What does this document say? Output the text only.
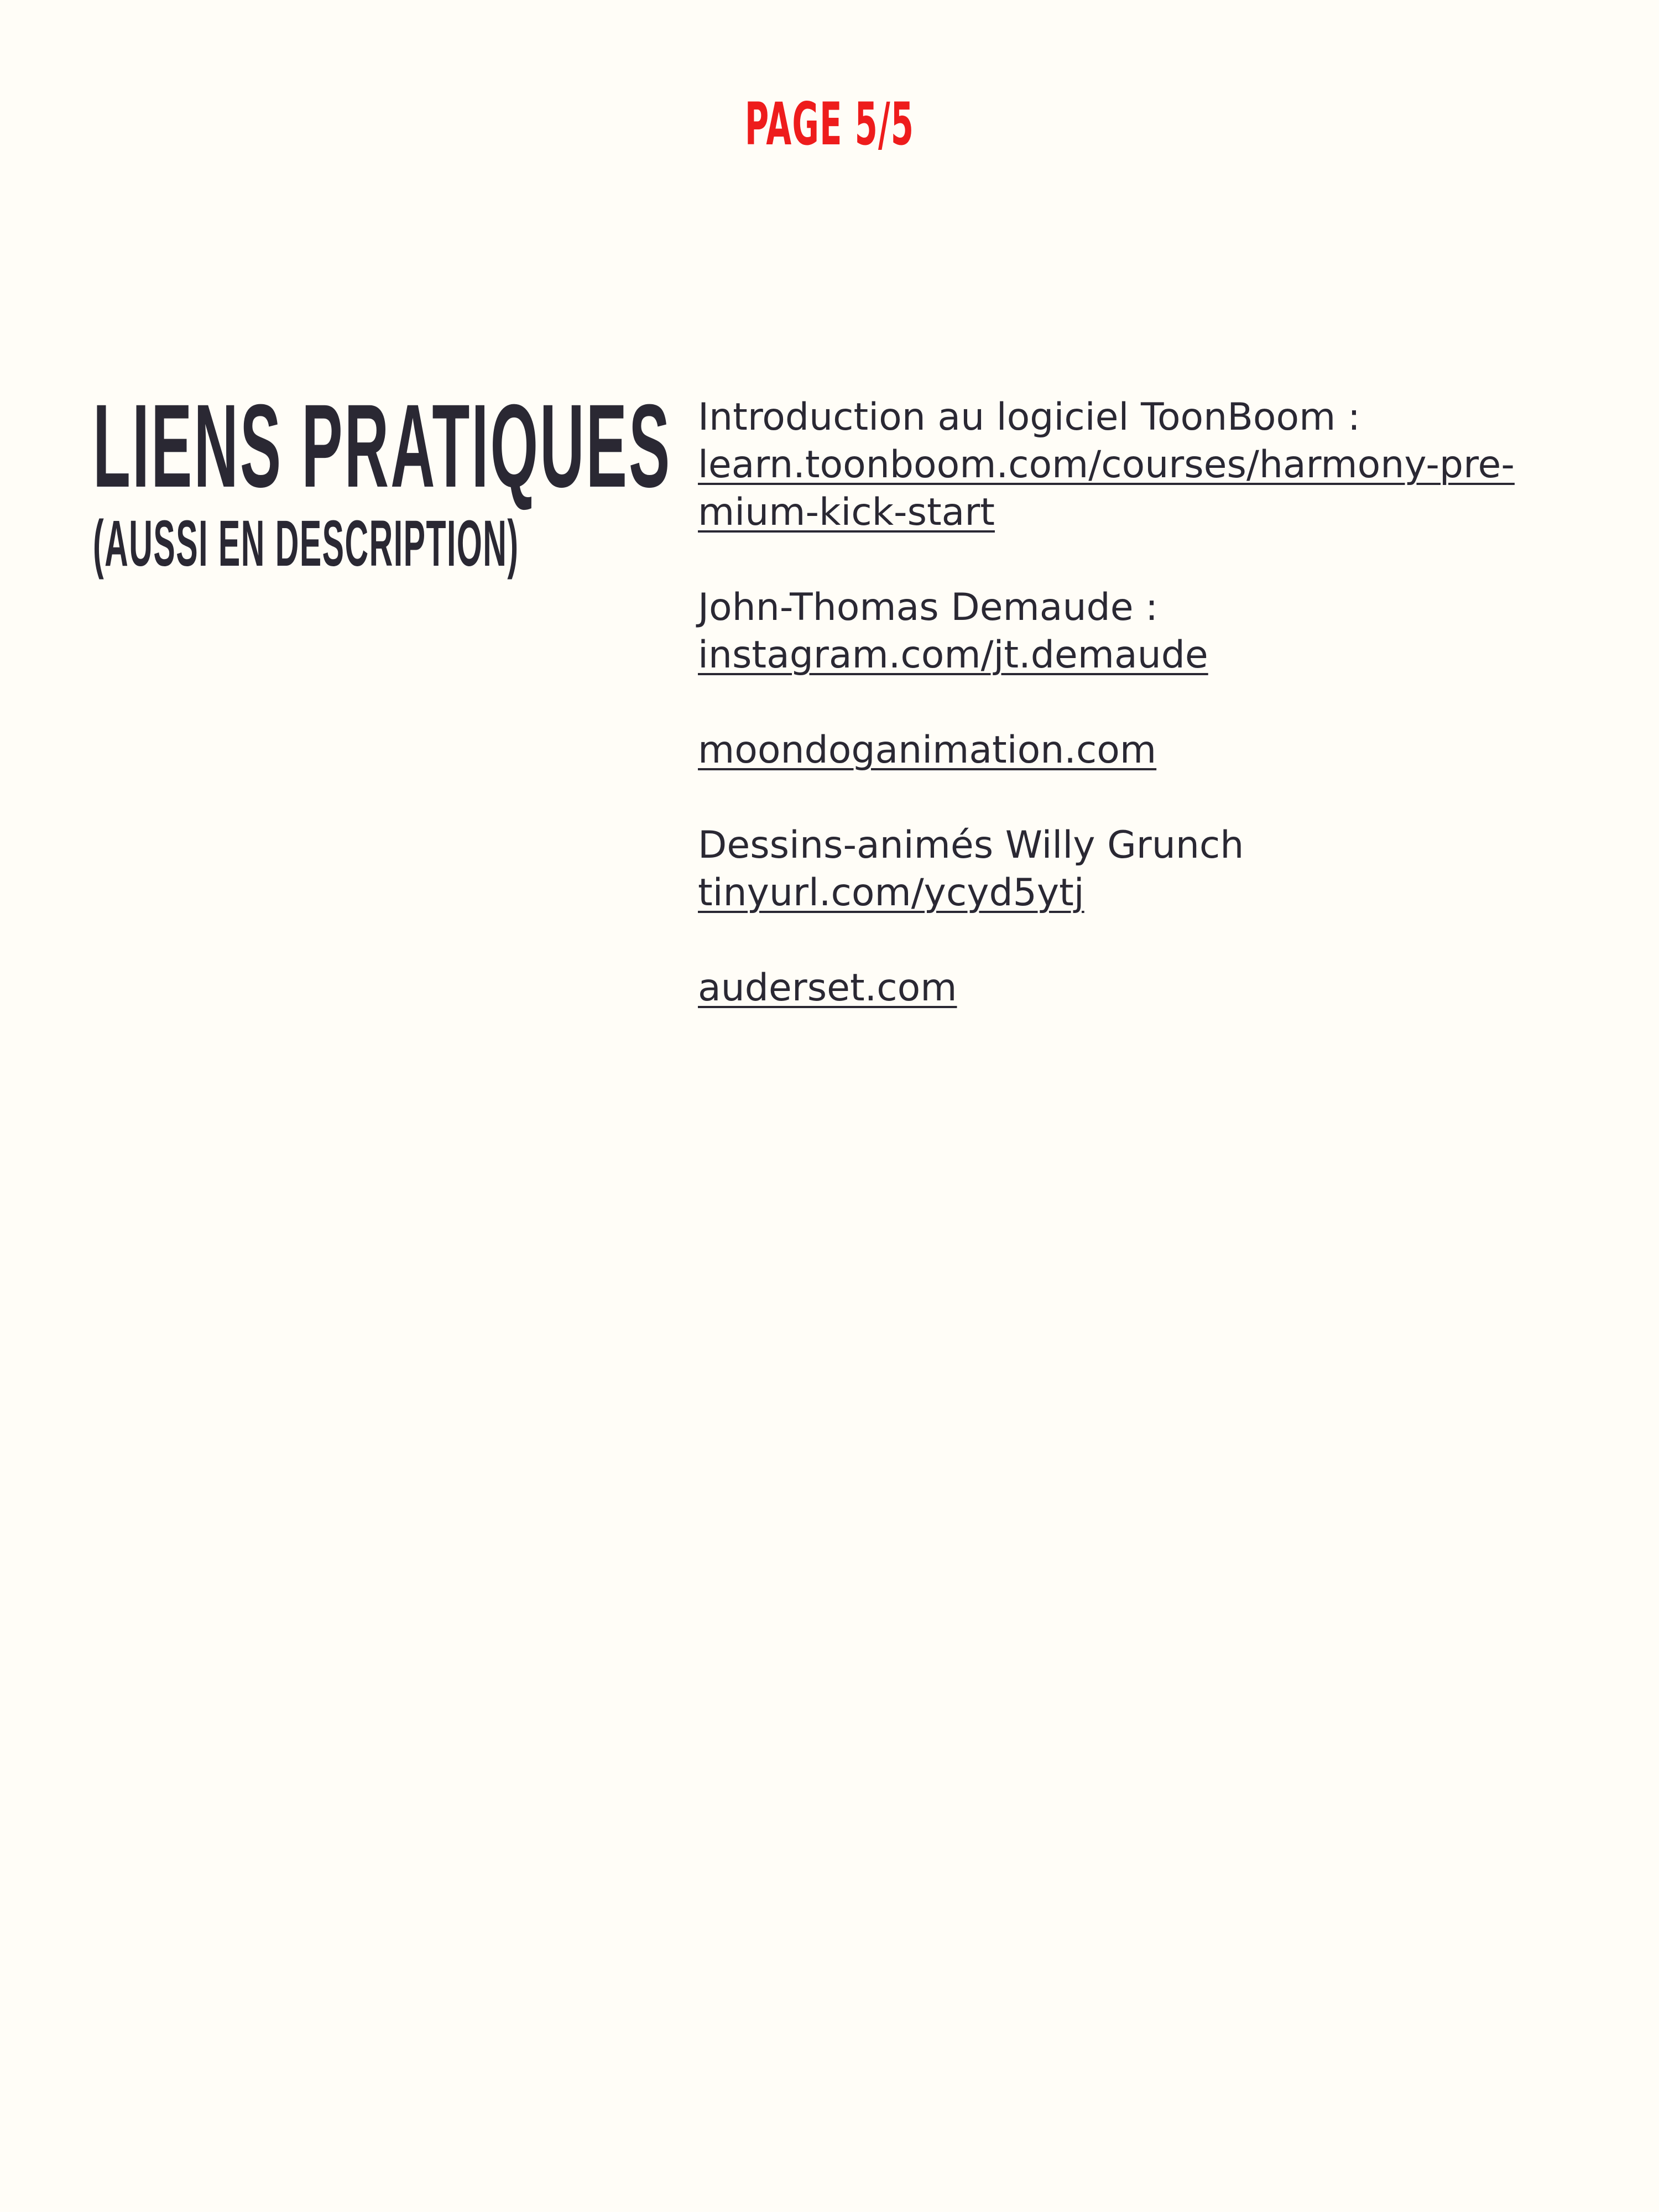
PAGE 5/5
LIENS PRATIQUES
(AUSSI EN DESCRIPTION)
Introduction au logiciel ToonBoom :
learn.toonboom.com/courses/harmony-pre-
mium-kick-start
John-Thomas Demaude :
instagram.com/jt.demaude
moondoganimation.com
Dessins-animés Willy Grunch
tinyurl.com/ycyd5ytj
auderset.com
